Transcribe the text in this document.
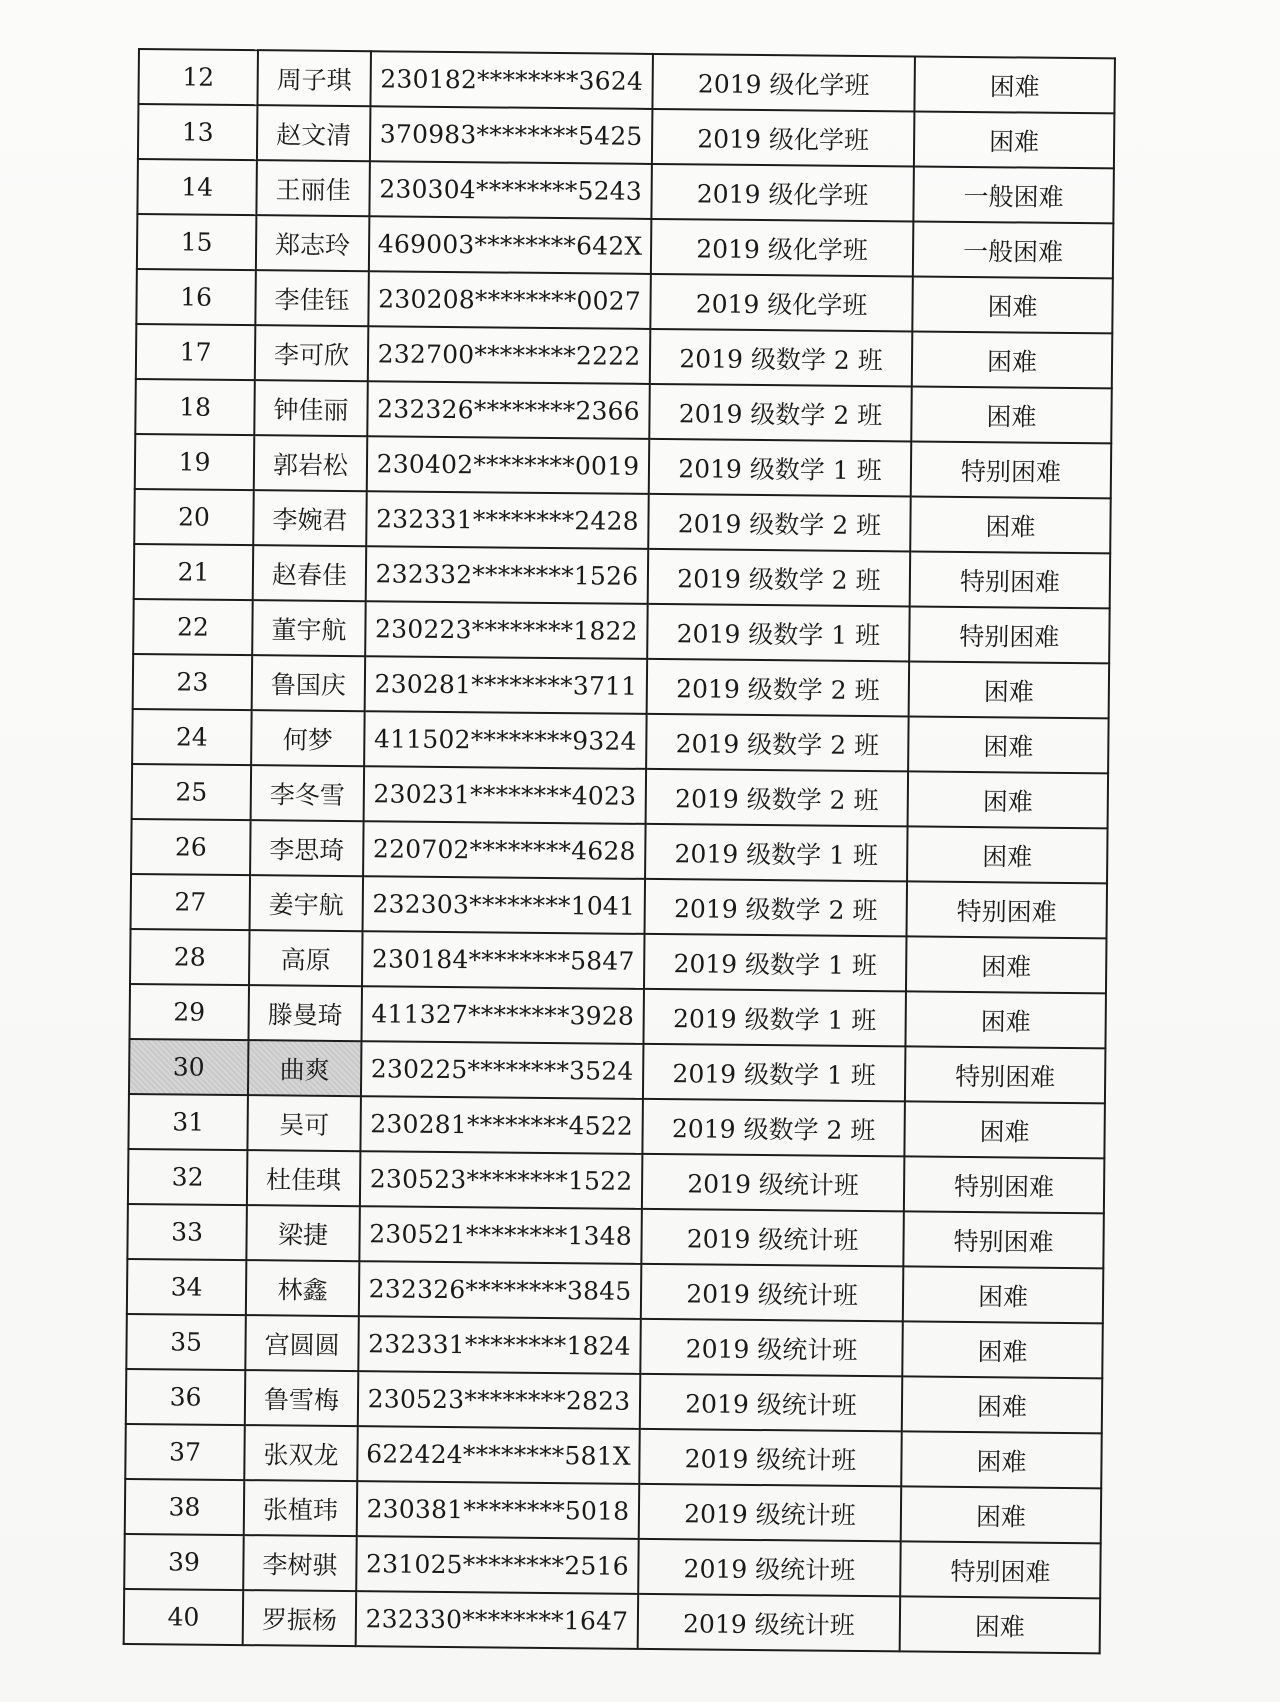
12	周子琪	230182********3624	2019 级化学班	困难
13	赵文清	370983********5425	2019 级化学班	困难
14	王丽佳	230304********5243	2019 级化学班	一般困难
15	郑志玲	469003********642X	2019 级化学班	一般困难
16	李佳钰	230208********0027	2019 级化学班	困难
17	李可欣	232700********2222	2019 级数学 2 班	困难
18	钟佳丽	232326********2366	2019 级数学 2 班	困难
19	郭岩松	230402********0019	2019 级数学 1 班	特别困难
20	李婉君	232331********2428	2019 级数学 2 班	困难
21	赵春佳	232332********1526	2019 级数学 2 班	特别困难
22	董宇航	230223********1822	2019 级数学 1 班	特别困难
23	鲁国庆	230281********3711	2019 级数学 2 班	困难
24	何梦	411502********9324	2019 级数学 2 班	困难
25	李冬雪	230231********4023	2019 级数学 2 班	困难
26	李思琦	220702********4628	2019 级数学 1 班	困难
27	姜宇航	232303********1041	2019 级数学 2 班	特别困难
28	高原	230184********5847	2019 级数学 1 班	困难
29	滕曼琦	411327********3928	2019 级数学 1 班	困难
30	曲爽	230225********3524	2019 级数学 1 班	特别困难
31	吴可	230281********4522	2019 级数学 2 班	困难
32	杜佳琪	230523********1522	2019 级统计班	特别困难
33	梁捷	230521********1348	2019 级统计班	特别困难
34	林鑫	232326********3845	2019 级统计班	困难
35	宫圆圆	232331********1824	2019 级统计班	困难
36	鲁雪梅	230523********2823	2019 级统计班	困难
37	张双龙	622424********581X	2019 级统计班	困难
38	张植玮	230381********5018	2019 级统计班	困难
39	李树骐	231025********2516	2019 级统计班	特别困难
40	罗振杨	232330********1647	2019 级统计班	困难
